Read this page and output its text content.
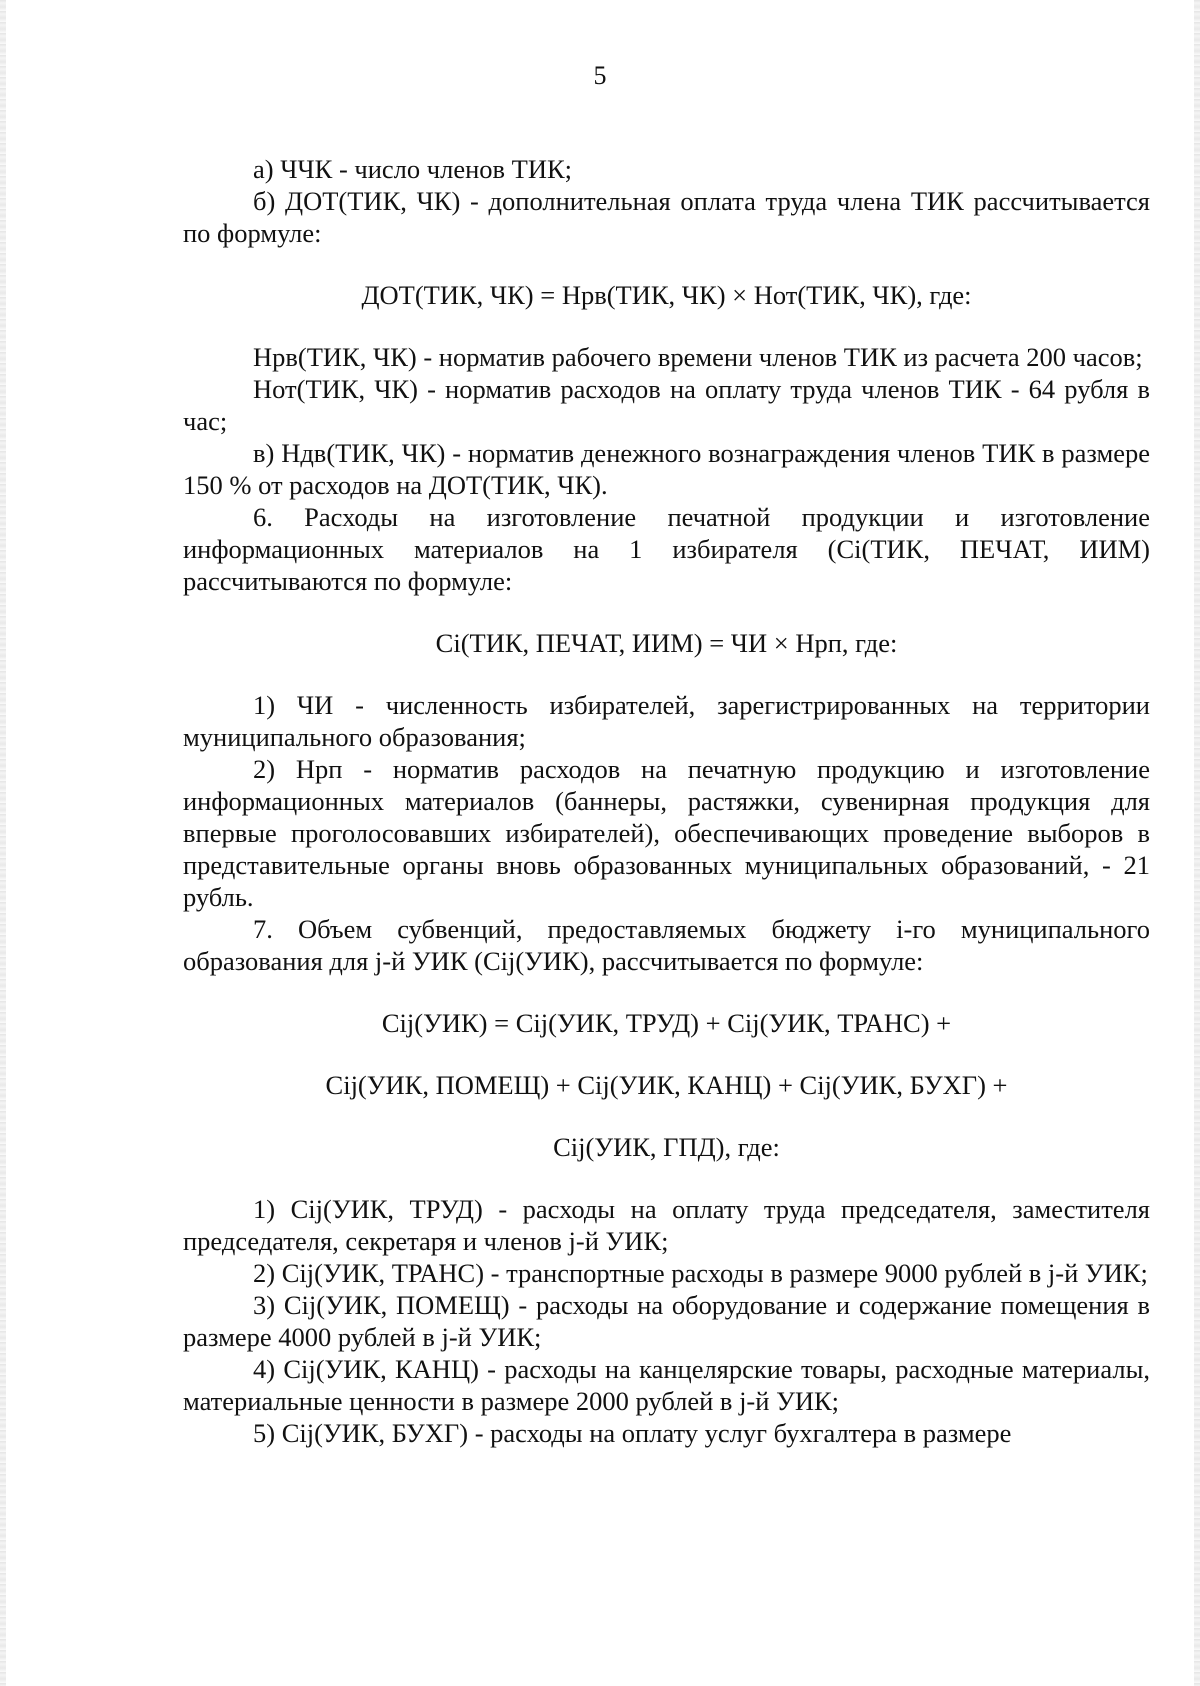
5

а) ЧЧК - число членов ТИК;

б) ДОТ(ТИК, ЧК) - дополнительная оплата труда члена ТИК рассчитывается по формуле:

ДОТ(ТИК, ЧК) = Нрв(ТИК, ЧК) × Нот(ТИК, ЧК), где:

Нрв(ТИК, ЧК) - норматив рабочего времени членов ТИК из расчета 200 часов;

Нот(ТИК, ЧК) - норматив расходов на оплату труда членов ТИК - 64 рубля в час;

в) Ндв(ТИК, ЧК) - норматив денежного вознаграждения членов ТИК в размере 150 % от расходов на ДОТ(ТИК, ЧК).

6. Расходы на изготовление печатной продукции и изготовление информационных материалов на 1 избирателя (Ci(ТИК, ПЕЧАТ, ИИМ) рассчитываются по формуле:

Ci(ТИК, ПЕЧАТ, ИИМ) = ЧИ × Нрп, где:

1) ЧИ - численность избирателей, зарегистрированных на территории муниципального образования;

2) Нрп - норматив расходов на печатную продукцию и изготовление информационных материалов (баннеры, растяжки, сувенирная продукция для впервые проголосовавших избирателей), обеспечивающих проведение выборов в представительные органы вновь образованных муниципальных образований, - 21 рубль.

7. Объем субвенций, предоставляемых бюджету i-го муниципального образования для j-й УИК (Cij(УИК), рассчитывается по формуле:

Cij(УИК) = Cij(УИК, ТРУД) + Cij(УИК, ТРАНС) +

Cij(УИК, ПОМЕЩ) + Cij(УИК, КАНЦ) + Cij(УИК, БУХГ) +

Cij(УИК, ГПД), где:

1) Cij(УИК, ТРУД) - расходы на оплату труда председателя, заместителя председателя, секретаря и членов j-й УИК;

2) Cij(УИК, ТРАНС) - транспортные расходы в размере 9000 рублей в j-й УИК;

3) Cij(УИК, ПОМЕЩ) - расходы на оборудование и содержание помещения в размере 4000 рублей в j-й УИК;

4) Cij(УИК, КАНЦ) - расходы на канцелярские товары, расходные материалы, материальные ценности в размере 2000 рублей в j-й УИК;

5) Cij(УИК, БУХГ) - расходы на оплату услуг бухгалтера в размере
